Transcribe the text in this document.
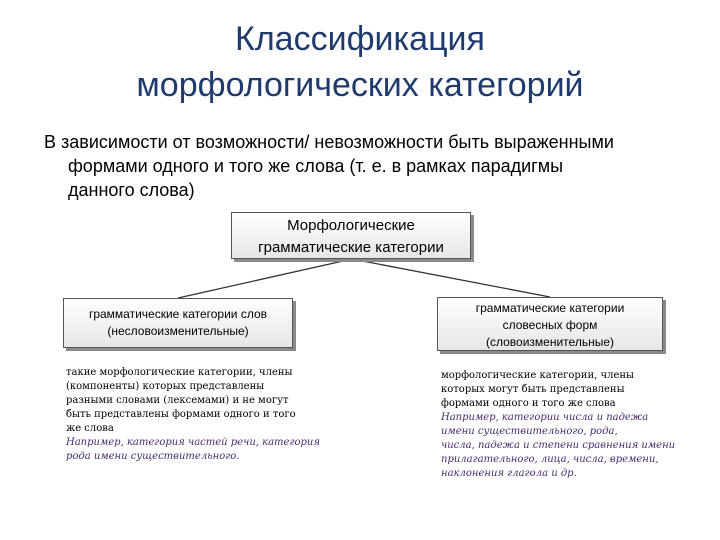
Классификация
морфологических категорий
В зависимости от возможности/ невозможности быть выраженными
формами одного и того же слова (т. е. в рамках парадигмы
данного слова)
Морфологические
грамматические категории
грамматические категории слов
(несловоизменительные)
грамматические категории
словесных форм
(словоизменительные)
такие морфологические категории, члены
(компоненты) которых представлены
разными словами (лексемами) и не могут
быть представлены формами одного и того
же слова
Например, категория частей речи, категория
рода имени существительного.
морфологические категории, члены
которых могут быть представлены
формами одного и того же слова
Например, категории числа и падежа
имени существительного, рода,
числа, падежа и степени сравнения имени
прилагательного, лица, числа, времени,
наклонения глагола и др.
